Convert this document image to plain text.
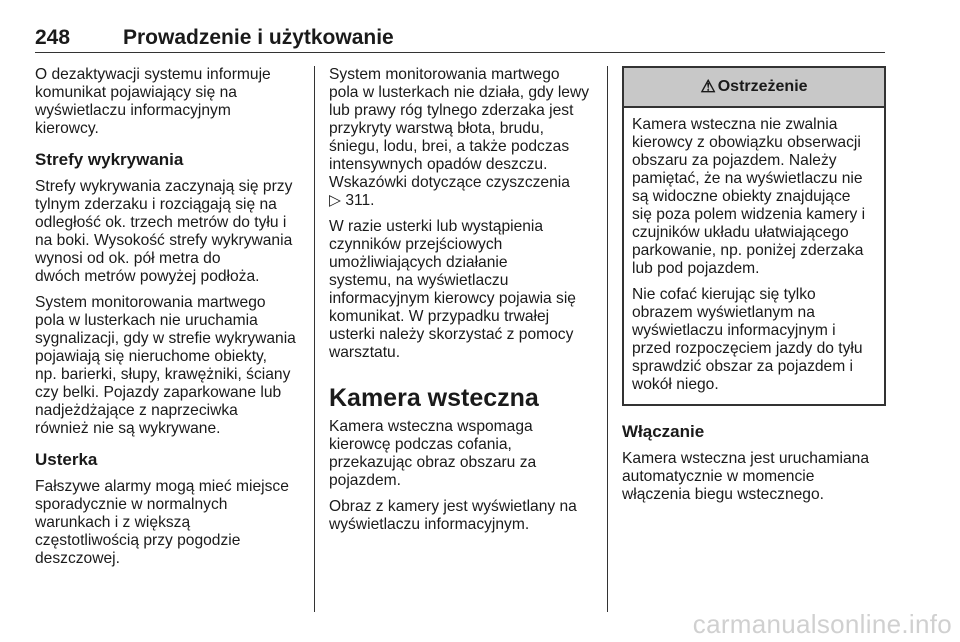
248	Prowadzenie i użytkowanie

O dezaktywacji systemu informuje
komunikat pojawiający się na
wyświetlaczu informacyjnym
kierowcy.

Strefy wykrywania

Strefy wykrywania zaczynają się przy
tylnym zderzaku i rozciągają się na
odległość ok. trzech metrów do tyłu i
na boki. Wysokość strefy wykrywania
wynosi od ok. pół metra do
dwóch metrów powyżej podłoża.

System monitorowania martwego
pola w lusterkach nie uruchamia
sygnalizacji, gdy w strefie wykrywania
pojawiają się nieruchome obiekty,
np. barierki, słupy, krawężniki, ściany
czy belki. Pojazdy zaparkowane lub
nadjeżdżające z naprzeciwka
również nie są wykrywane.

Usterka

Fałszywe alarmy mogą mieć miejsce
sporadycznie w normalnych
warunkach i z większą
częstotliwością przy pogodzie
deszczowej.

System monitorowania martwego
pola w lusterkach nie działa, gdy lewy
lub prawy róg tylnego zderzaka jest
przykryty warstwą błota, brudu,
śniegu, lodu, brei, a także podczas
intensywnych opadów deszczu.
Wskazówki dotyczące czyszczenia
▷ 311.

W razie usterki lub wystąpienia
czynników przejściowych
umożliwiających działanie
systemu, na wyświetlaczu
informacyjnym kierowcy pojawia się
komunikat. W przypadku trwałej
usterki należy skorzystać z pomocy
warsztatu.

Kamera wsteczna

Kamera wsteczna wspomaga
kierowcę podczas cofania,
przekazując obraz obszaru za
pojazdem.

Obraz z kamery jest wyświetlany na
wyświetlaczu informacyjnym.

⚠ Ostrzeżenie

Kamera wsteczna nie zwalnia
kierowcy z obowiązku obserwacji
obszaru za pojazdem. Należy
pamiętać, że na wyświetlaczu nie
są widoczne obiekty znajdujące
się poza polem widzenia kamery i
czujników układu ułatwiającego
parkowanie, np. poniżej zderzaka
lub pod pojazdem.

Nie cofać kierując się tylko
obrazem wyświetlanym na
wyświetlaczu informacyjnym i
przed rozpoczęciem jazdy do tyłu
sprawdzić obszar za pojazdem i
wokół niego.

Włączanie

Kamera wsteczna jest uruchamiana
automatycznie w momencie
włączenia biegu wstecznego.

carmanualsonline.info
